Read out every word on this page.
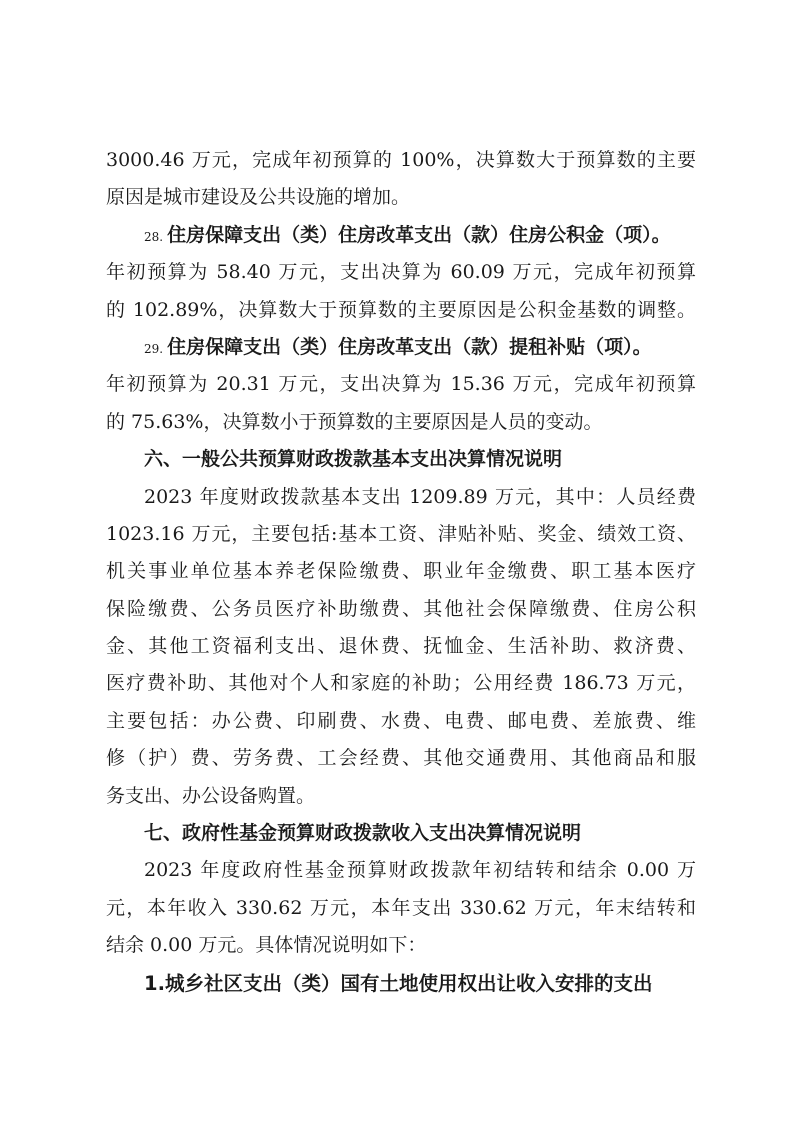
3000.46 万元，完成年初预算的 100%，决算数大于预算数的主要
原因是城市建设及公共设施的增加。
28. 住房保障支出（类）住房改革支出（款）住房公积金（项）。
年初预算为 58.40 万元，支出决算为 60.09 万元，完成年初预算
的 102.89%，决算数大于预算数的主要原因是公积金基数的调整。
29. 住房保障支出（类）住房改革支出（款）提租补贴（项）。
年初预算为 20.31 万元，支出决算为 15.36 万元，完成年初预算
的 75.63%，决算数小于预算数的主要原因是人员的变动。
六、一般公共预算财政拨款基本支出决算情况说明
2023 年度财政拨款基本支出 1209.89 万元，其中：人员经费
1023.16 万元，主要包括:基本工资、津贴补贴、奖金、绩效工资、
机关事业单位基本养老保险缴费、职业年金缴费、职工基本医疗
保险缴费、公务员医疗补助缴费、其他社会保障缴费、住房公积
金、其他工资福利支出、退休费、抚恤金、生活补助、救济费、
医疗费补助、其他对个人和家庭的补助；公用经费 186.73 万元，
主要包括：办公费、印刷费、水费、电费、邮电费、差旅费、维
修（护）费、劳务费、工会经费、其他交通费用、其他商品和服
务支出、办公设备购置。
七、政府性基金预算财政拨款收入支出决算情况说明
2023 年度政府性基金预算财政拨款年初结转和结余 0.00 万
元，本年收入 330.62 万元，本年支出 330.62 万元，年末结转和
结余 0.00 万元。具体情况说明如下：
1.城乡社区支出（类）国有土地使用权出让收入安排的支出
